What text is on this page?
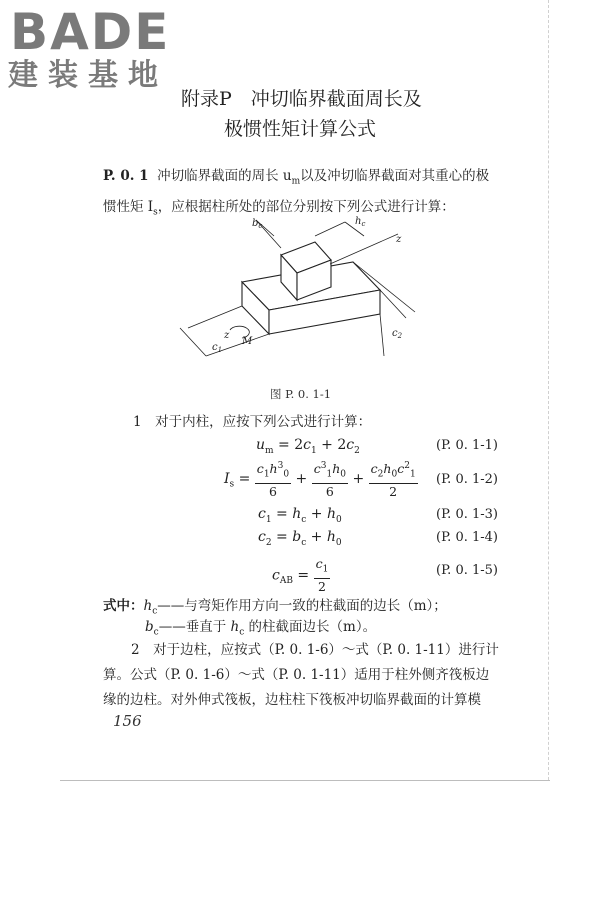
BADE
建装基地
附录P　冲切临界截面周长及
极惯性矩计算公式
P. 0. 1 冲切临界截面的周长 $u_m$以及冲切临界截面对其重心的极
惯性矩 $I_s$，应根据柱所处的部位分别按下列公式进行计算：
$b_c$	$h_c$
z
z
M
$c_1$
$c_2$
图 P. 0. 1-1
1　对于内柱，应按下列公式进行计算：
$u_m = 2c_1 + 2c_2$	(P. 0. 1-1)
$I_s = \frac{c_1h^3_0}{6} + \frac{c^3_1h_0}{6} + \frac{c_2h_0c^2_1}{2} (P$. 0. 1-2)
$c_1 = h_c + h_0$	(P. 0. 1-3)
$c_2 = b_c + h_0$	(P. 0. 1-4)
$c_{AB} = \frac{c_1}{2}$	(P. 0. 1-5)
式中：$h_c——$与弯矩作用方向一致的柱截面的边长（m）；
$b_c——$垂直于 $h_c$ 的柱截面边长（m）。
2　对于边柱，应按式（P. 0. 1-6）～式（P. 0. 1-11）进行计
算。公式（P. 0. 1-6）～式（P. 0. 1-11）适用于柱外侧齐筏板边
缘的边柱。对外伸式筏板，边柱柱下筏板冲切临界截面的计算模
156
